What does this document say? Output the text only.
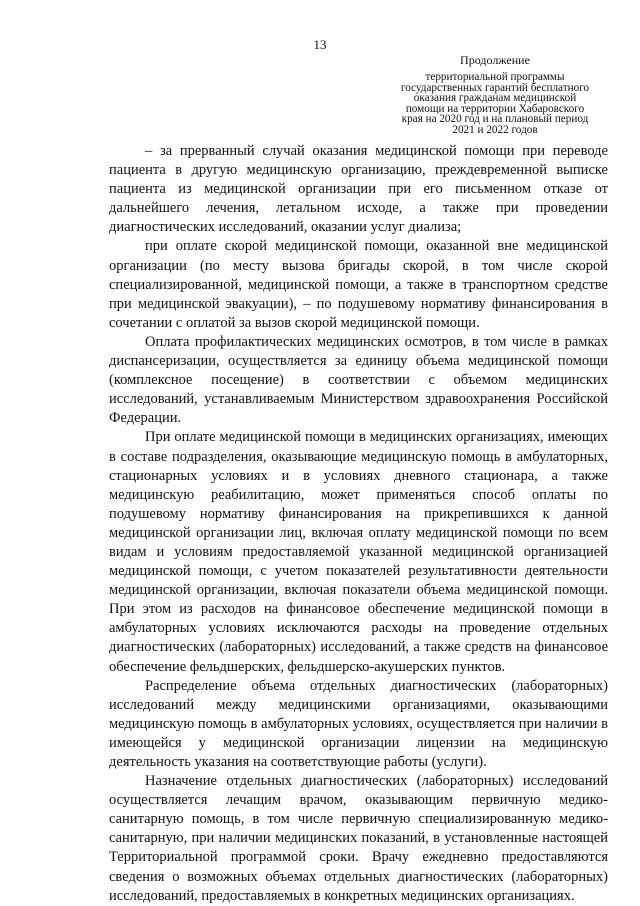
13
Продолжение
территориальной программы
государственных гарантий бесплатного
оказания гражданам медицинской
помощи на территории Хабаровского
края на 2020 год и на плановый период
2021 и 2022 годов

– за прерванный случай оказания медицинской помощи при переводе пациента в другую медицинскую организацию, преждевременной выписке пациента из медицинской организации при его письменном отказе от дальнейшего лечения, летальном исходе, а также при проведении диагностических исследований, оказании услуг диализа;

при оплате скорой медицинской помощи, оказанной вне медицинской организации (по месту вызова бригады скорой, в том числе скорой специализированной, медицинской помощи, а также в транспортном средстве при медицинской эвакуации), – по подушевому нормативу финансирования в сочетании с оплатой за вызов скорой медицинской помощи.

Оплата профилактических медицинских осмотров, в том числе в рамках диспансеризации, осуществляется за единицу объема медицинской помощи (комплексное посещение) в соответствии с объемом медицинских исследований, устанавливаемым Министерством здравоохранения Российской Федерации.

При оплате медицинской помощи в медицинских организациях, имеющих в составе подразделения, оказывающие медицинскую помощь в амбулаторных, стационарных условиях и в условиях дневного стационара, а также медицинскую реабилитацию, может применяться способ оплаты по подушевому нормативу финансирования на прикрепившихся к данной медицинской организации лиц, включая оплату медицинской помощи по всем видам и условиям предоставляемой указанной медицинской организацией медицинской помощи, с учетом показателей результативности деятельности медицинской организации, включая показатели объема медицинской помощи. При этом из расходов на финансовое обеспечение медицинской помощи в амбулаторных условиях исключаются расходы на проведение отдельных диагностических (лабораторных) исследований, а также средств на финансовое обеспечение фельдшерских, фельдшерско-акушерских пунктов.

Распределение объема отдельных диагностических (лабораторных) исследований между медицинскими организациями, оказывающими медицинскую помощь в амбулаторных условиях, осуществляется при наличии в имеющейся у медицинской организации лицензии на медицинскую деятельность указания на соответствующие работы (услуги).

Назначение отдельных диагностических (лабораторных) исследований осуществляется лечащим врачом, оказывающим первичную медико-санитарную помощь, в том числе первичную специализированную медико-санитарную, при наличии медицинских показаний, в установленные настоящей Территориальной программой сроки. Врачу ежедневно предоставляются сведения о возможных объемах отдельных диагностических (лабораторных) исследований, предоставляемых в конкретных медицинских организациях.
